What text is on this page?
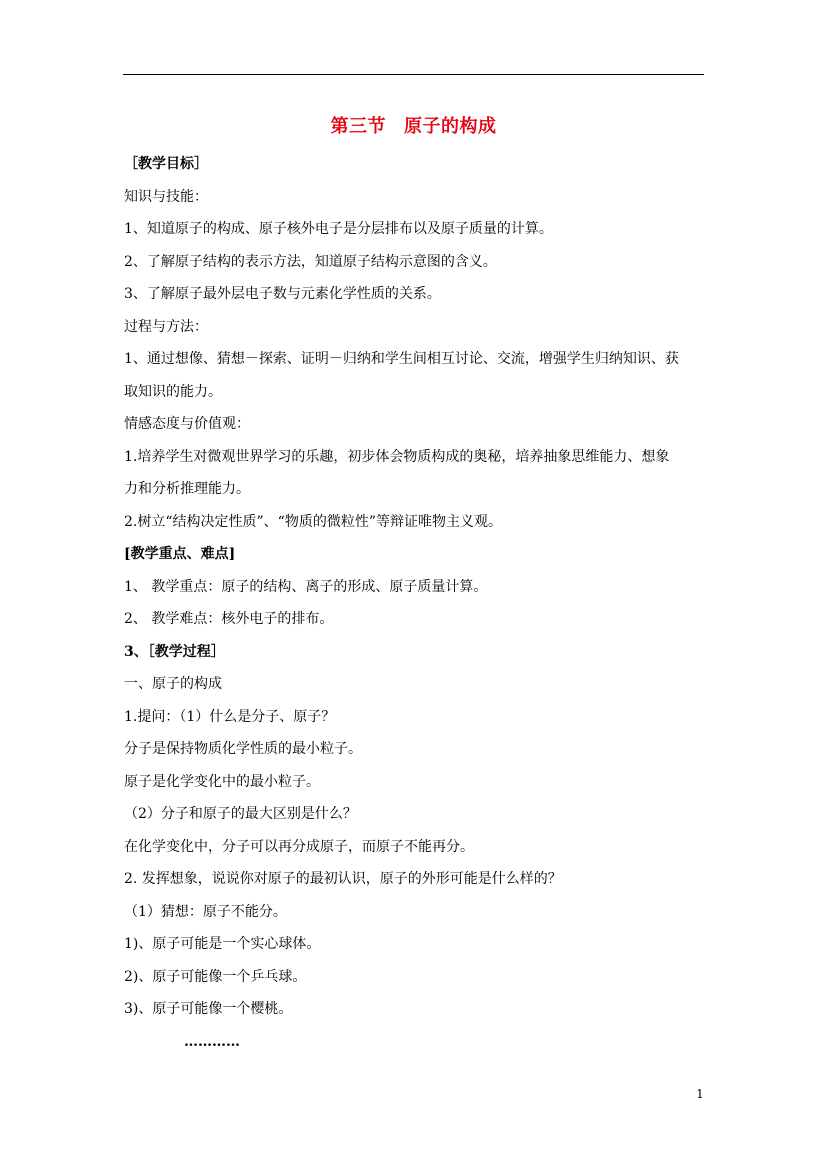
第三节 原子的构成
［教学目标］
知识与技能：
1、知道原子的构成、原子核外电子是分层排布以及原子质量的计算。
2、了解原子结构的表示方法，知道原子结构示意图的含义。
3、了解原子最外层电子数与元素化学性质的关系。
过程与方法：
1、通过想像、猜想－探索、证明－归纳和学生间相互讨论、交流，增强学生归纳知识、获
取知识的能力。
情感态度与价值观：
1.培养学生对微观世界学习的乐趣，初步体会物质构成的奥秘，培养抽象思维能力、想象
力和分析推理能力。
2.树立“结构决定性质”、“物质的微粒性”等辩证唯物主义观。
[教学重点、难点]
1、 教学重点：原子的结构、离子的形成、原子质量计算。
2、 教学难点：核外电子的排布。
3、［教学过程］
一、原子的构成
1.提问：（1）什么是分子、原子？
分子是保持物质化学性质的最小粒子。
原子是化学变化中的最小粒子。
（2）分子和原子的最大区别是什么？
在化学变化中，分子可以再分成原子，而原子不能再分。
2. 发挥想象，说说你对原子的最初认识，原子的外形可能是什么样的？
（1）猜想：原子不能分。
1)、原子可能是一个实心球体。
2)、原子可能像一个乒乓球。
3)、原子可能像一个樱桃。
…………
1
